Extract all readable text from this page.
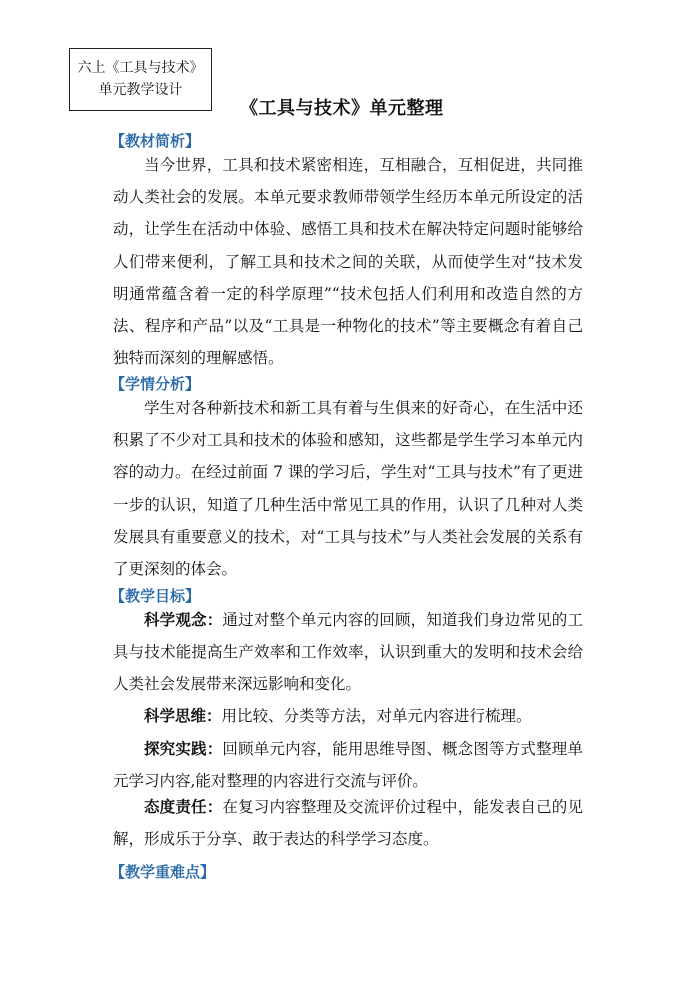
六上《工具与技术》
单元教学设计
《工具与技术》单元整理
【教材简析】

当今世界，工具和技术紧密相连，互相融合，互相促进，共同推动人类社会的发展。本单元要求教师带领学生经历本单元所设定的活动，让学生在活动中体验、感悟工具和技术在解决特定问题时能够给人们带来便利，了解工具和技术之间的关联，从而使学生对“技术发明通常蕴含着一定的科学原理”“技术包括人们利用和改造自然的方法、程序和产品”以及“工具是一种物化的技术”等主要概念有着自己独特而深刻的理解感悟。

【学情分析】

学生对各种新技术和新工具有着与生俱来的好奇心，在生活中还积累了不少对工具和技术的体验和感知，这些都是学生学习本单元内容的动力。在经过前面 7 课的学习后，学生对“工具与技术”有了更进一步的认识，知道了几种生活中常见工具的作用，认识了几种对人类发展具有重要意义的技术，对“工具与技术”与人类社会发展的关系有了更深刻的体会。

【教学目标】

科学观念：通过对整个单元内容的回顾，知道我们身边常见的工具与技术能提高生产效率和工作效率，认识到重大的发明和技术会给人类社会发展带来深远影响和变化。

科学思维：用比较、分类等方法，对单元内容进行梳理。

探究实践：回顾单元内容，能用思维导图、概念图等方式整理单元学习内容,能对整理的内容进行交流与评价。

态度责任：在复习内容整理及交流评价过程中，能发表自己的见解，形成乐于分享、敢于表达的科学学习态度。

【教学重难点】
